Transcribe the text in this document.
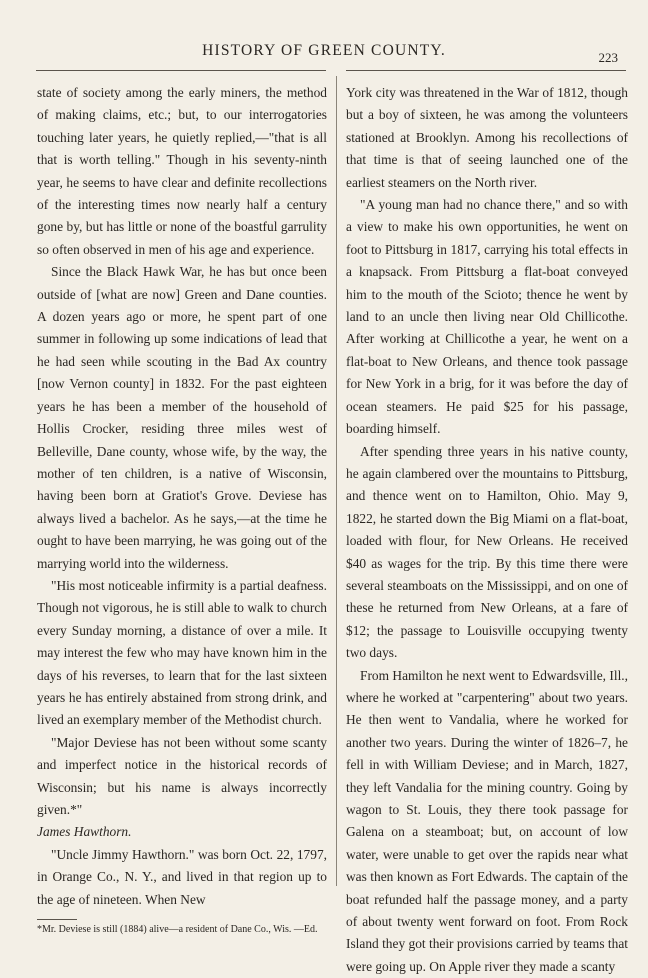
HISTORY OF GREEN COUNTY.	223

state of society among the early miners, the method of making claims, etc.; but, to our interrogatories touching later years, he quietly replied,—"that is all that is worth telling." Though in his seventy-ninth year, he seems to have clear and definite recollections of the interesting times now nearly half a century gone by, but has little or none of the boastful garrulity so often observed in men of his age and experience.

Since the Black Hawk War, he has but once been outside of [what are now] Green and Dane counties. A dozen years ago or more, he spent part of one summer in following up some indications of lead that he had seen while scouting in the Bad Ax country [now Vernon county] in 1832. For the past eighteen years he has been a member of the household of Hollis Crocker, residing three miles west of Belleville, Dane county, whose wife, by the way, the mother of ten children, is a native of Wisconsin, having been born at Gratiot's Grove. Deviese has always lived a bachelor. As he says,—at the time he ought to have been marrying, he was going out of the marrying world into the wilderness.

"His most noticeable infirmity is a partial deafness. Though not vigorous, he is still able to walk to church every Sunday morning, a distance of over a mile. It may interest the few who may have known him in the days of his reverses, to learn that for the last sixteen years he has entirely abstained from strong drink, and lived an exemplary member of the Methodist church.

"Major Deviese has not been without some scanty and imperfect notice in the historical records of Wisconsin; but his name is always incorrectly given.*"

James Hawthorn.

"Uncle Jimmy Hawthorn." was born Oct. 22, 1797, in Orange Co., N. Y., and lived in that region up to the age of nineteen. When New

*Mr. Deviese is still (1884) alive—a resident of Dane Co., Wis. —Ed.

York city was threatened in the War of 1812, though but a boy of sixteen, he was among the volunteers stationed at Brooklyn. Among his recollections of that time is that of seeing launched one of the earliest steamers on the North river.

"A young man had no chance there," and so with a view to make his own opportunities, he went on foot to Pittsburg in 1817, carrying his total effects in a knapsack. From Pittsburg a flat-boat conveyed him to the mouth of the Scioto; thence he went by land to an uncle then living near Old Chillicothe. After working at Chillicothe a year, he went on a flat-boat to New Orleans, and thence took passage for New York in a brig, for it was before the day of ocean steamers. He paid $25 for his passage, boarding himself.

After spending three years in his native county, he again clambered over the mountains to Pittsburg, and thence went on to Hamilton, Ohio. May 9, 1822, he started down the Big Miami on a flat-boat, loaded with flour, for New Orleans. He received $40 as wages for the trip. By this time there were several steamboats on the Mississippi, and on one of these he returned from New Orleans, at a fare of $12; the passage to Louisville occupying twenty two days.

From Hamilton he next went to Edwardsville, Ill., where he worked at "carpentering" about two years. He then went to Vandalia, where he worked for another two years. During the winter of 1826–7, he fell in with William Deviese; and in March, 1827, they left Vandalia for the mining country. Going by wagon to St. Louis, they there took passage for Galena on a steamboat; but, on account of low water, were unable to get over the rapids near what was then known as Fort Edwards. The captain of the boat refunded half the passage money, and a party of about twenty went forward on foot. From Rock Island they got their provisions carried by teams that were going up. On Apple river they made a scanty
